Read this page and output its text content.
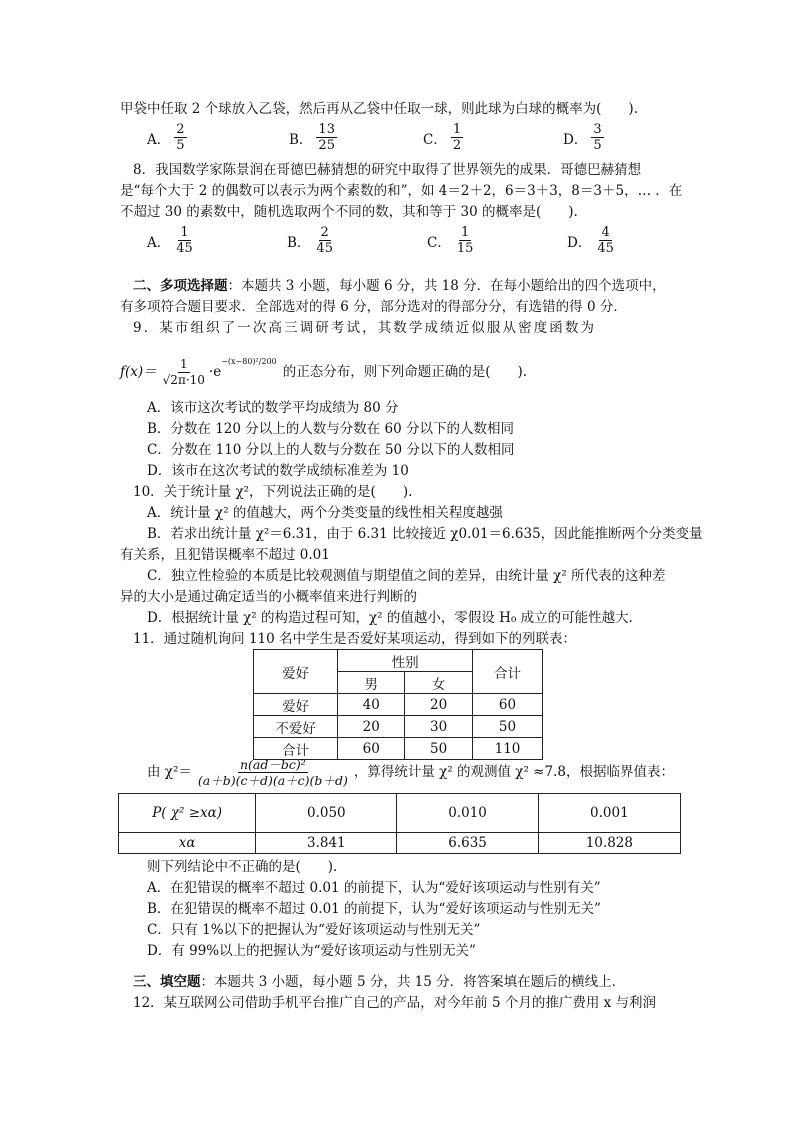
甲袋中任取 2 个球放入乙袋，然后再从乙袋中任取一球，则此球为白球的概率为(　　).
A． $\frac{2}{5}$	B． $\frac{13}{25}$	C． $\frac{1}{2}$	D． $\frac{3}{5}$
8．我国数学家陈景润在哥德巴赫猜想的研究中取得了世界领先的成果．哥德巴赫猜想
是“每个大于 2 的偶数可以表示为两个素数的和”，如 4＝2＋2，6＝3＋3，8＝3＋5，… ．在
不超过 30 的素数中，随机选取两个不同的数，其和等于 30 的概率是(　　).
A． $\frac{1}{45}$	B． $\frac{2}{45}$	C． $\frac{1}{15}$	D． $\frac{4}{45}$
二、多项选择题：本题共 3 小题，每小题 6 分，共 18 分．在每小题给出的四个选项中，
有多项符合题目要求．全部选对的得 6 分，部分选对的得部分分，有选错的得 0 分．
9．某市组织了一次高三调研考试，其数学成绩近似服从密度函数为
$f(x)= \frac{1}{√2\pi\cdot 10} \cdot e^{-(x-80)^2/200}$的正态分布，则下列命题正确的是(　　).
A．该市这次考试的数学平均成绩为 80 分
B．分数在 120 分以上的人数与分数在 60 分以下的人数相同
C．分数在 110 分以上的人数与分数在 50 分以下的人数相同
D．该市在这次考试的数学成绩标准差为 10
10．关于统计量 χ²，下列说法正确的是(　　).
A．统计量 χ² 的值越大，两个分类变量的线性相关程度越强
B．若求出统计量 χ²＝6.31，由于 6.31 比较接近 χ0.01＝6.635，因此能推断两个分类变量
有关系，且犯错误概率不超过 0.01
C．独立性检验的本质是比较观测值与期望值之间的差异，由统计量 χ² 所代表的这种差
异的大小是通过确定适当的小概率值来进行判断的
D．根据统计量 χ² 的构造过程可知，χ² 的值越小，零假设 H₀ 成立的可能性越大．
11．通过随机询问 110 名中学生是否爱好某项运动，得到如下的列联表：
爱好	性别		合计
	男	女	
爱好	40	20	60
不爱好	20	30	50
合计	60	50	110
由 $\chi^2= \frac{\text{n(ad－bc)²}}{(a+b)(c+d)(a+c)(b+d)}$ ，算得统计量 χ² 的观测值 χ² ≈7.8，根据临界值表：
P( χ² ≥xα)	0.050	0.010	0.001
xα	3.841	6.635	10.828
则下列结论中不正确的是(　　).
A．在犯错误的概率不超过 0.01 的前提下，认为“爱好该项运动与性别有关”
B．在犯错误的概率不超过 0.01 的前提下，认为“爱好该项运动与性别无关”
C．只有 1%以下的把握认为“爱好该项运动与性别无关”
D．有 99%以上的把握认为“爱好该项运动与性别无关”
三、填空题：本题共 3 小题，每小题 5 分，共 15 分．将答案填在题后的横线上．
12．某互联网公司借助手机平台推广自己的产品，对今年前 5 个月的推广费用 x 与利润
